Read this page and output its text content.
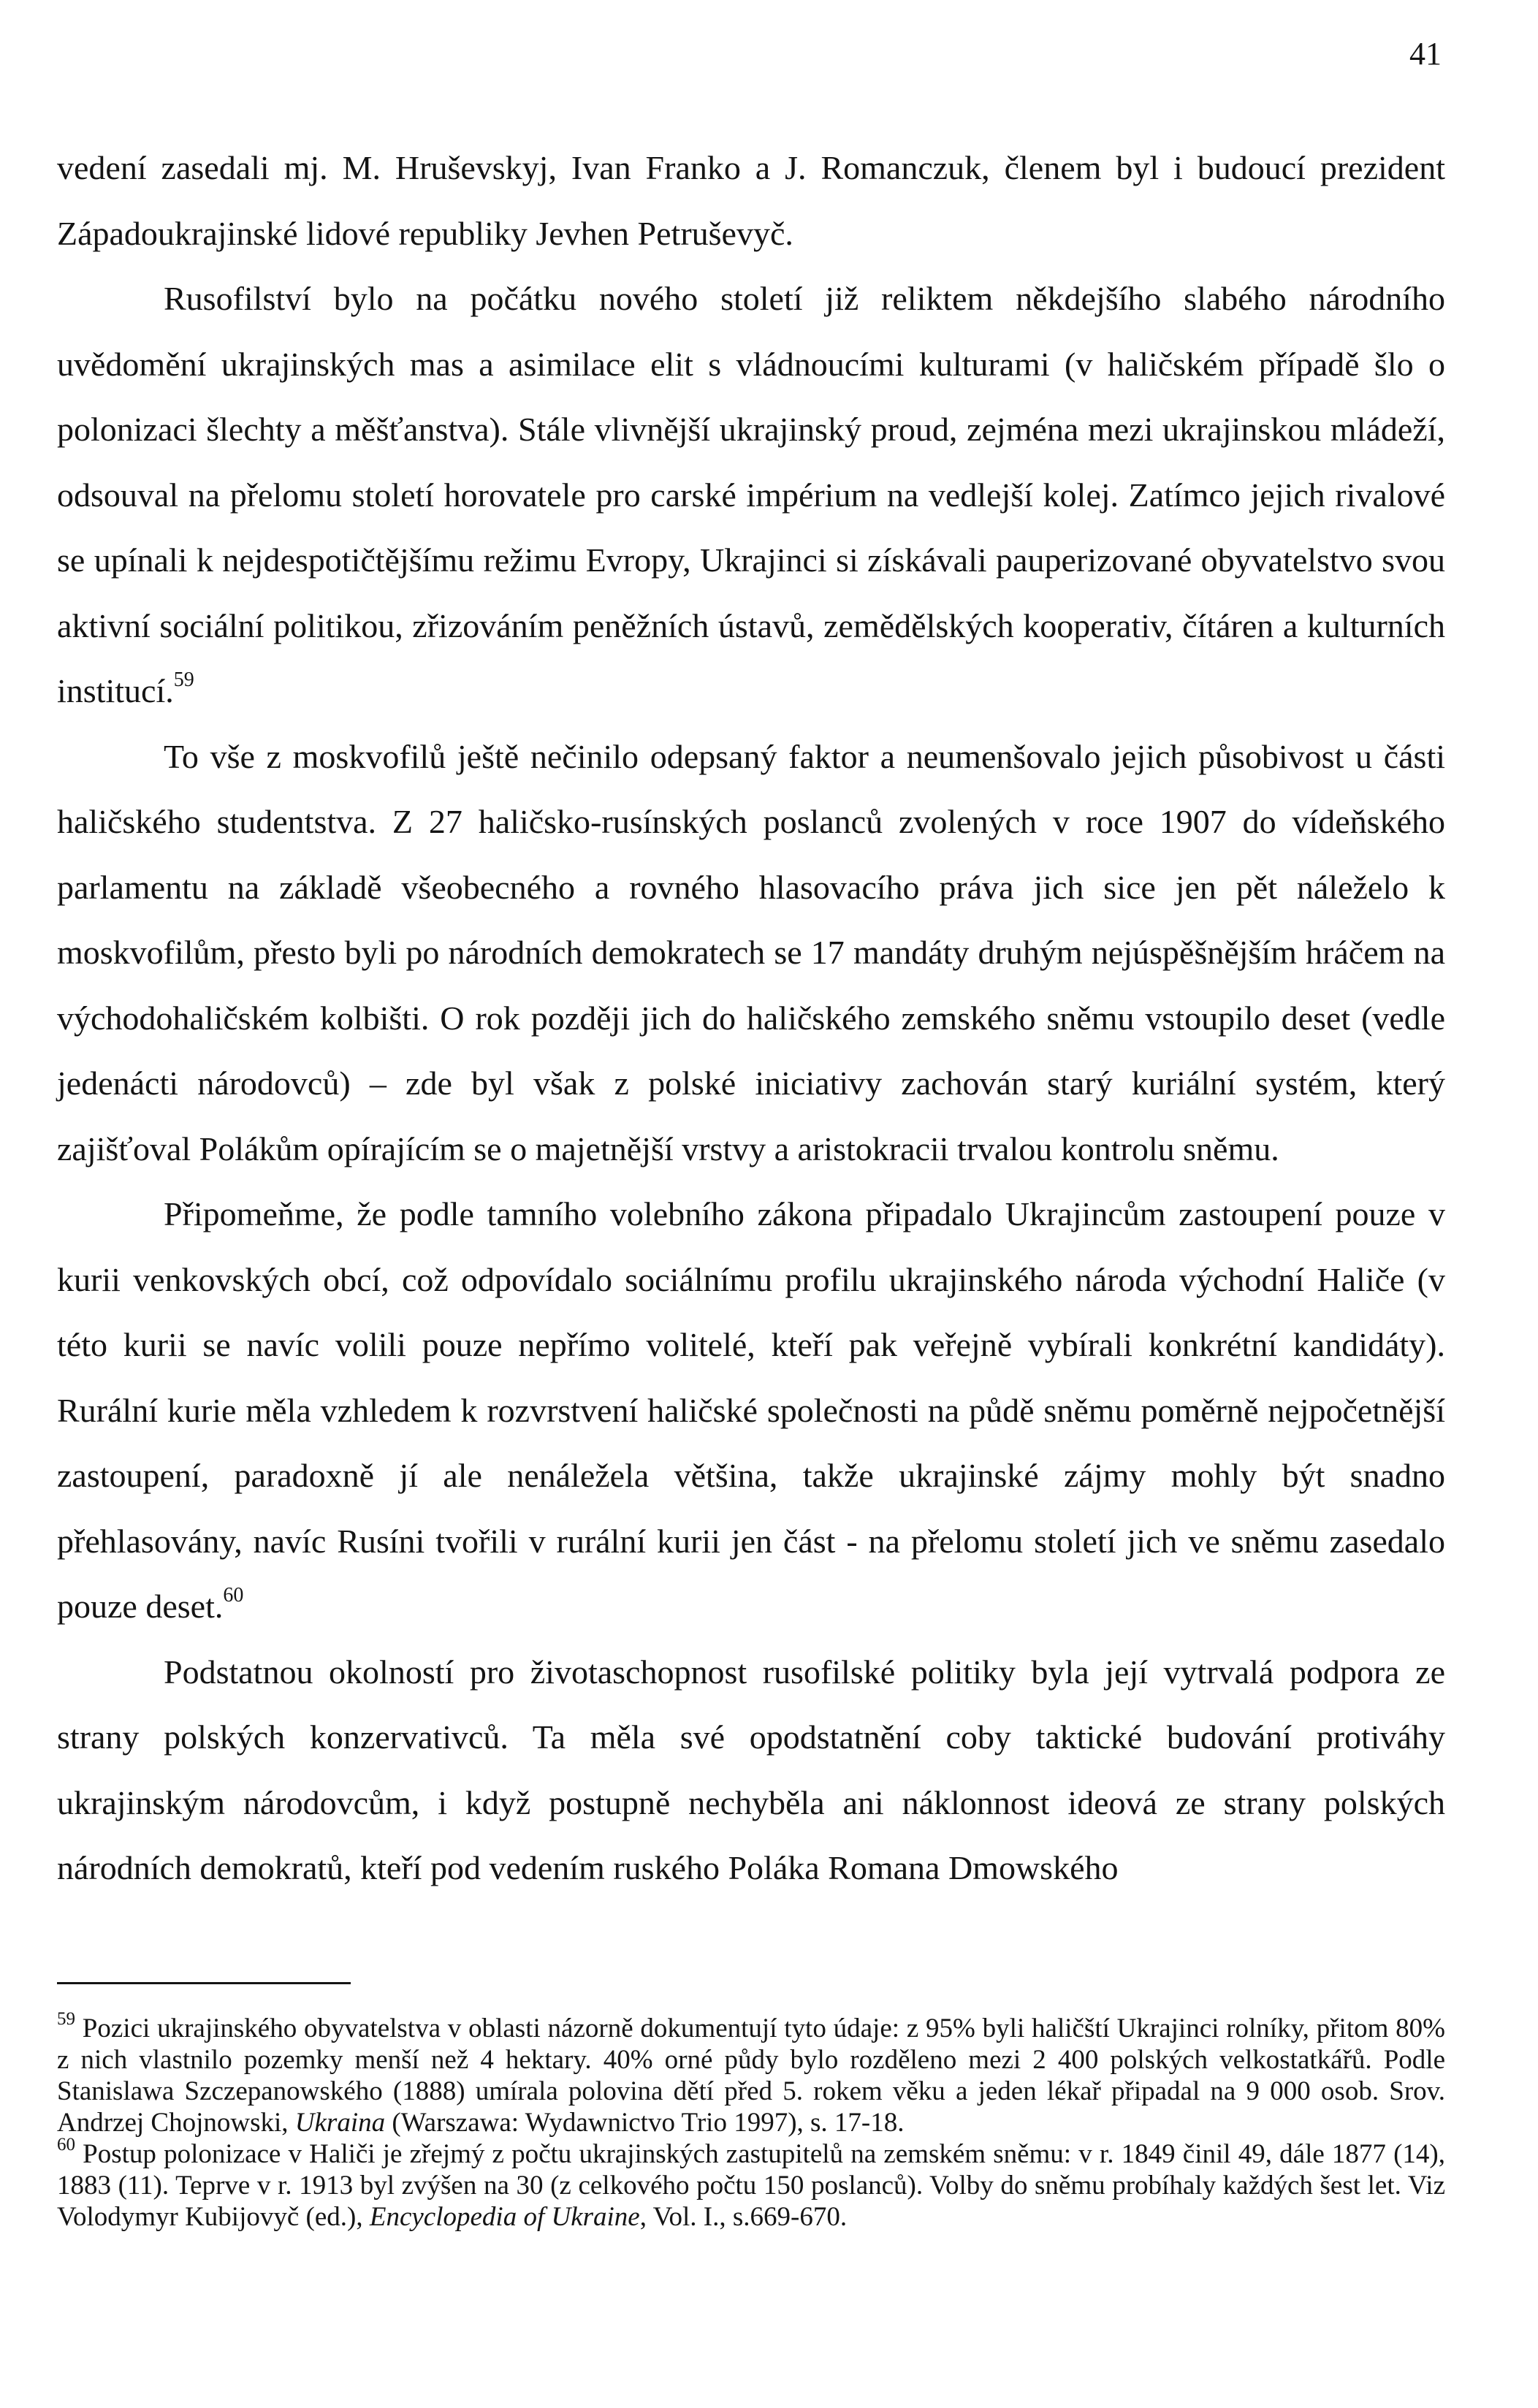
41

vedení zasedali mj. M. Hruševskyj, Ivan Franko a J. Romanczuk, členem byl i budoucí prezident Západoukrajinské lidové republiky Jevhen Petruševyč.

Rusofilství bylo na počátku nového století již reliktem někdejšího slabého národního uvědomění ukrajinských mas a asimilace elit s vládnoucími kulturami (v haličském případě šlo o polonizaci šlechty a měšťanstva). Stále vlivnější ukrajinský proud, zejména mezi ukrajinskou mládeží, odsouval na přelomu století horovatele pro carské impérium na vedlejší kolej. Zatímco jejich rivalové se upínali k nejdespotičtějšímu režimu Evropy, Ukrajinci si získávali pauperizované obyvatelstvo svou aktivní sociální politikou, zřizováním peněžních ústavů, zemědělských kooperativ, čítáren a kulturních institucí.$^{59}$

To vše z moskvofilů ještě nečinilo odepsaný faktor a neumenšovalo jejich působivost u části haličského studentstva. Z 27 haličsko-rusínských poslanců zvolených v roce 1907 do vídeňského parlamentu na základě všeobecného a rovného hlasovacího práva jich sice jen pět náleželo k moskvofilům, přesto byli po národních demokratech se 17 mandáty druhým nejúspěšnějším hráčem na východohaličském kolbišti. O rok později jich do haličského zemského sněmu vstoupilo deset (vedle jedenácti národovců) – zde byl však z polské iniciativy zachován starý kuriální systém, který zajišťoval Polákům opírajícím se o majetnější vrstvy a aristokracii trvalou kontrolu sněmu.

Připomeňme, že podle tamního volebního zákona připadalo Ukrajincům zastoupení pouze v kurii venkovských obcí, což odpovídalo sociálnímu profilu ukrajinského národa východní Haliče (v této kurii se navíc volili pouze nepřímo volitelé, kteří pak veřejně vybírali konkrétní kandidáty). Rurální kurie měla vzhledem k rozvrstvení haličské společnosti na půdě sněmu poměrně nejpočetnější zastoupení, paradoxně jí ale nenáležela většina, takže ukrajinské zájmy mohly být snadno přehlasovány, navíc Rusíni tvořili v rurální kurii jen část - na přelomu století jich ve sněmu zasedalo pouze deset.$^{60}$

Podstatnou okolností pro životaschopnost rusofilské politiky byla její vytrvalá podpora ze strany polských konzervativců. Ta měla své opodstatnění coby taktické budování protiváhy ukrajinským národovcům, i když postupně nechyběla ani náklonnost ideová ze strany polských národních demokratů, kteří pod vedením ruského Poláka Romana Dmowského

$^{59}$ Pozici ukrajinského obyvatelstva v oblasti názorně dokumentují tyto údaje: z 95% byli haličští Ukrajinci rolníky, přitom 80% z nich vlastnilo pozemky menší než 4 hektary. 40% orné půdy bylo rozděleno mezi 2 400 polských velkostatkářů. Podle Stanislawa Szczepanowského (1888) umírala polovina dětí před 5. rokem věku a jeden lékař připadal na 9 000 osob. Srov. Andrzej Chojnowski, Ukraina (Warszawa: Wydawnictvo Trio 1997), s. 17-18.

$^{60}$ Postup polonizace v Haliči je zřejmý z počtu ukrajinských zastupitelů na zemském sněmu: v r. 1849 činil 49, dále 1877 (14), 1883 (11). Teprve v r. 1913 byl zvýšen na 30 (z celkového počtu 150 poslanců). Volby do sněmu probíhaly každých šest let. Viz Volodymyr Kubijovyč (ed.), Encyclopedia of Ukraine, Vol. I., s.669-670.
